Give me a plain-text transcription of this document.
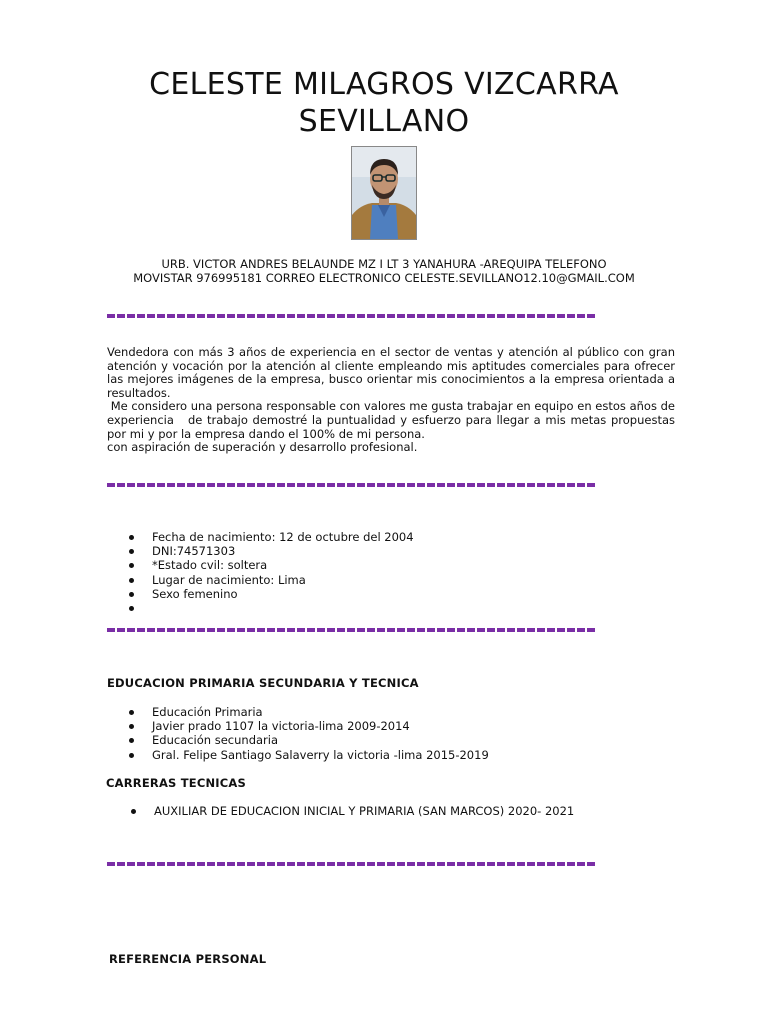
CELESTE MILAGROS VIZCARRA
SEVILLANO
URB. VICTOR ANDRES BELAUNDE MZ I LT 3 YANAHURA -AREQUIPA TELEFONO
MOVISTAR 976995181 CORREO ELECTRONICO CELESTE.SEVILLANO12.10@GMAIL.COM

Vendedora con más 3 años de experiencia en el sector de ventas y atención al público con gran atención y vocación por la atención al cliente empleando mis aptitudes comerciales para ofrecer las mejores imágenes de la empresa, busco orientar mis conocimientos a la empresa orientada a resultados.

Me considero una persona responsable con valores me gusta trabajar en equipo en estos años de experiencia   de trabajo demostré la puntualidad y esfuerzo para llegar a mis metas propuestas por mi y por la empresa dando el 100% de mi persona.

con aspiración de superación y desarrollo profesional.

Fecha de nacimiento: 12 de octubre del 2004
DNI:74571303
*Estado cvil: soltera
Lugar de nacimiento: Lima
Sexo femenino
EDUCACION PRIMARIA SECUNDARIA Y TECNICA
Educación Primaria
Javier prado 1107 la victoria-lima 2009-2014
Educación secundaria
Gral. Felipe Santiago Salaverry la victoria -lima 2015-2019
CARRERAS TECNICAS
AUXILIAR DE EDUCACION INICIAL Y PRIMARIA (SAN MARCOS) 2020- 2021
REFERENCIA PERSONAL
